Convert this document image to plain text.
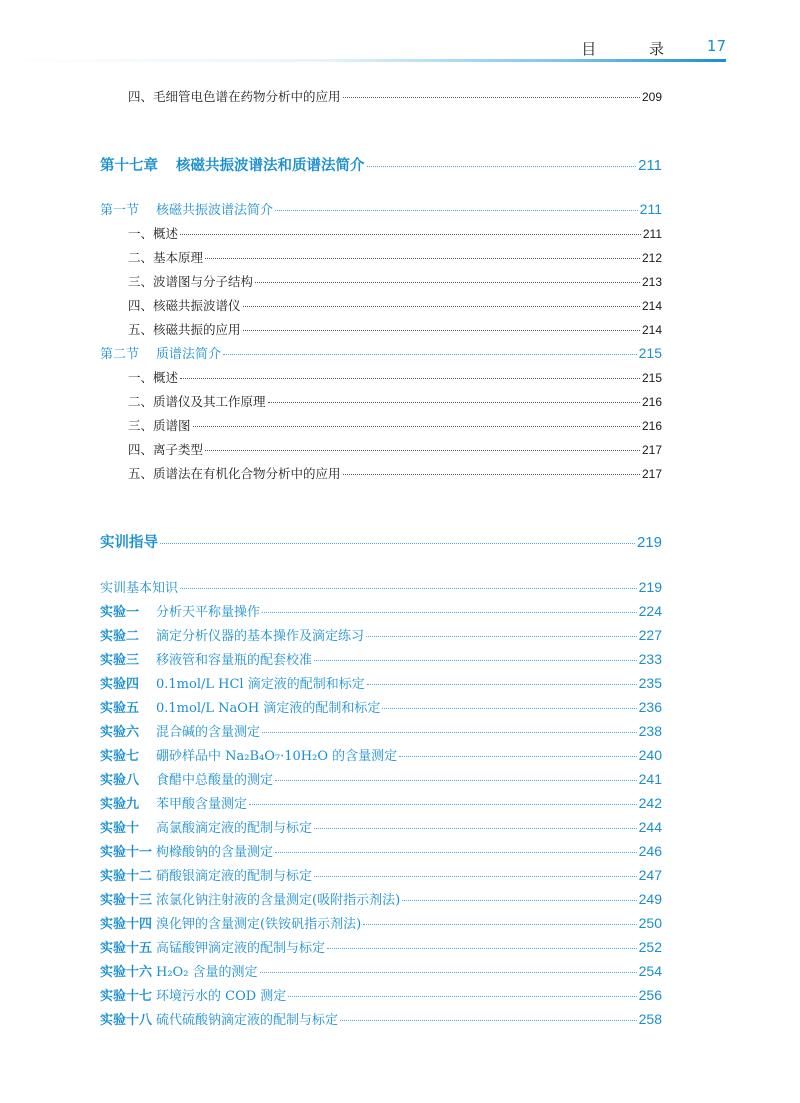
目 录 17
四、毛细管电色谱在药物分析中的应用	209
第十七章 核磁共振波谱法和质谱法简介	211
第一节 核磁共振波谱法简介	211
一、概述	211
二、基本原理	212
三、波谱图与分子结构	213
四、核磁共振波谱仪	214
五、核磁共振的应用	214
第二节 质谱法简介	215
一、概述	215
二、质谱仪及其工作原理	216
三、质谱图	216
四、离子类型	217
五、质谱法在有机化合物分析中的应用	217
实训指导	219
实训基本知识	219
实验一 分析天平称量操作	224
实验二 滴定分析仪器的基本操作及滴定练习	227
实验三 移液管和容量瓶的配套校准	233
实验四 0.1mol/L HCl 滴定液的配制和标定	235
实验五 0.1mol/L NaOH 滴定液的配制和标定	236
实验六 混合碱的含量测定	238
实验七 硼砂样品中 Na₂B₄O₇·10H₂O 的含量测定	240
实验八 食醋中总酸量的测定	241
实验九 苯甲酸含量测定	242
实验十 高氯酸滴定液的配制与标定	244
实验十一 枸橼酸钠的含量测定	246
实验十二 硝酸银滴定液的配制与标定	247
实验十三 浓氯化钠注射液的含量测定(吸附指示剂法)	249
实验十四 溴化钾的含量测定(铁铵矾指示剂法)	250
实验十五 高锰酸钾滴定液的配制与标定	252
实验十六 H₂O₂ 含量的测定	254
实验十七 环境污水的 COD 测定	256
实验十八 硫代硫酸钠滴定液的配制与标定	258
